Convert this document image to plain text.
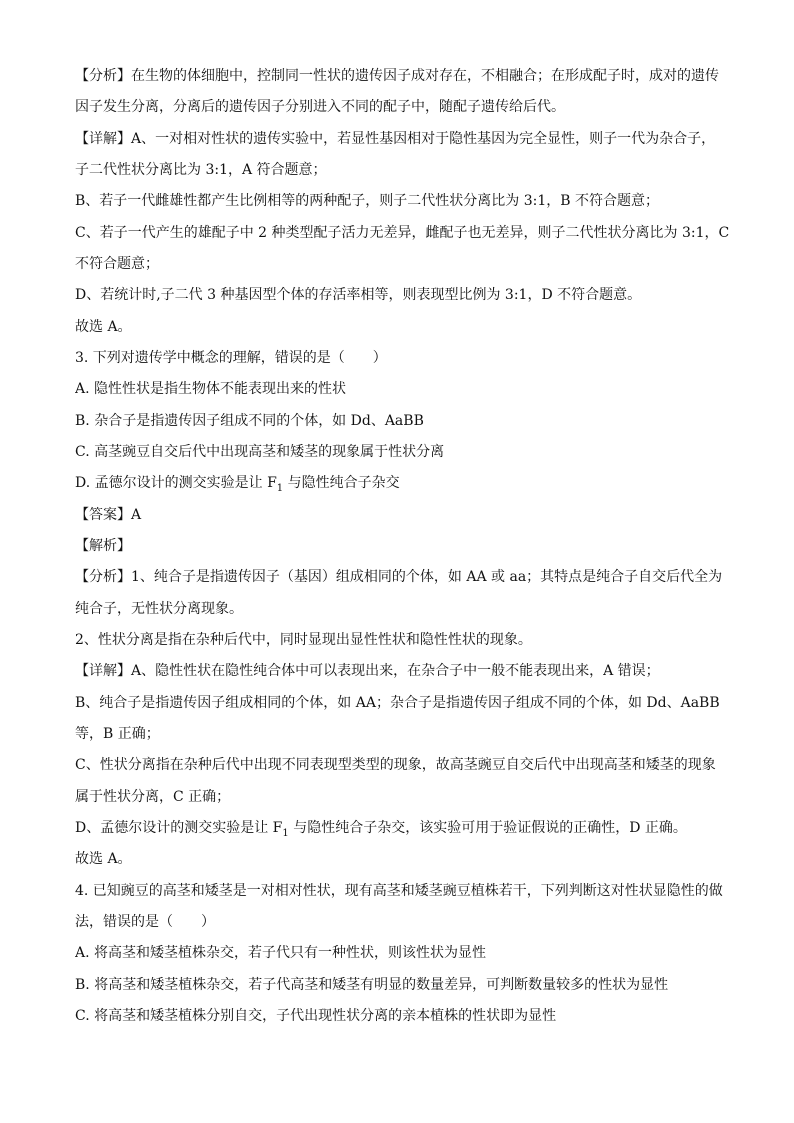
【分析】在生物的体细胞中，控制同一性状的遗传因子成对存在，不相融合；在形成配子时，成对的遗传
因子发生分离，分离后的遗传因子分别进入不同的配子中，随配子遗传给后代。
【详解】A、一对相对性状的遗传实验中，若显性基因相对于隐性基因为完全显性，则子一代为杂合子，
子二代性状分离比为 3:1，A 符合题意；
B、若子一代雌雄性都产生比例相等的两种配子，则子二代性状分离比为 3:1，B 不符合题意；
C、若子一代产生的雄配子中 2 种类型配子活力无差异，雌配子也无差异，则子二代性状分离比为 3:1，C
不符合题意；
D、若统计时,子二代 3 种基因型个体的存活率相等，则表现型比例为 3:1，D 不符合题意。
故选 A。
3. 下列对遗传学中概念的理解，错误的是（　　）
A. 隐性性状是指生物体不能表现出来的性状
B. 杂合子是指遗传因子组成不同的个体，如 Dd、AaBB
C. 高茎豌豆自交后代中出现高茎和矮茎的现象属于性状分离
D. 孟德尔设计的测交实验是让 $F_1$ 与隐性纯合子杂交
【答案】A
【解析】
【分析】1、纯合子是指遗传因子（基因）组成相同的个体，如 AA 或 aa；其特点是纯合子自交后代全为
纯合子，无性状分离现象。
2、性状分离是指在杂种后代中，同时显现出显性性状和隐性性状的现象。
【详解】A、隐性性状在隐性纯合体中可以表现出来，在杂合子中一般不能表现出来，A 错误；
B、纯合子是指遗传因子组成相同的个体，如 AA；杂合子是指遗传因子组成不同的个体，如 Dd、AaBB
等，B 正确；
C、性状分离指在杂种后代中出现不同表现型类型的现象，故高茎豌豆自交后代中出现高茎和矮茎的现象
属于性状分离，C 正确；
D、孟德尔设计的测交实验是让 $F_1$ 与隐性纯合子杂交，该实验可用于验证假说的正确性，D 正确。
故选 A。
4. 已知豌豆的高茎和矮茎是一对相对性状，现有高茎和矮茎豌豆植株若干，下列判断这对性状显隐性的做
法，错误的是（　　）
A. 将高茎和矮茎植株杂交，若子代只有一种性状，则该性状为显性
B. 将高茎和矮茎植株杂交，若子代高茎和矮茎有明显的数量差异，可判断数量较多的性状为显性
C. 将高茎和矮茎植株分别自交，子代出现性状分离的亲本植株的性状即为显性
